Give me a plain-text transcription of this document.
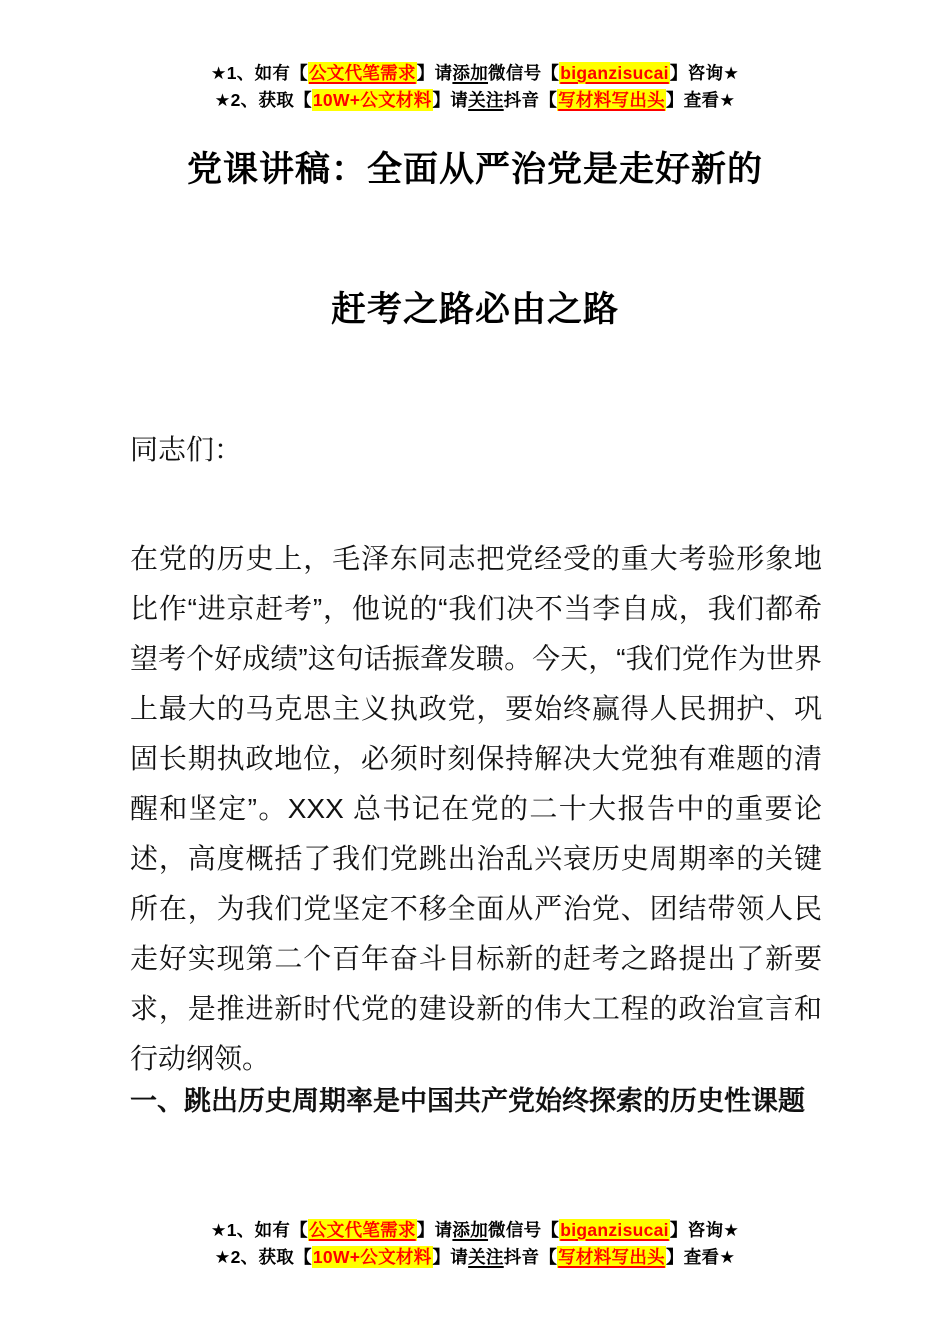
★1、如有【公文代笔需求】请添加微信号【biganzisucai】咨询★
★2、获取【10W+公文材料】请关注抖音【写材料写出头】查看★
党课讲稿：全面从严治党是走好新的
赶考之路必由之路
同志们：
在党的历史上，毛泽东同志把党经受的重大考验形象地比作“进京赶考”，他说的“我们决不当李自成，我们都希望考个好成绩”这句话振聋发聩。今天，“我们党作为世界上最大的马克思主义执政党，要始终赢得人民拥护、巩固长期执政地位，必须时刻保持解决大党独有难题的清醒和坚定”。XXX 总书记在党的二十大报告中的重要论述，高度概括了我们党跳出治乱兴衰历史周期率的关键所在，为我们党坚定不移全面从严治党、团结带领人民走好实现第二个百年奋斗目标新的赶考之路提出了新要求，是推进新时代党的建设新的伟大工程的政治宣言和行动纲领。
一、跳出历史周期率是中国共产党始终探索的历史性课题
★1、如有【公文代笔需求】请添加微信号【biganzisucai】咨询★
★2、获取【10W+公文材料】请关注抖音【写材料写出头】查看★
